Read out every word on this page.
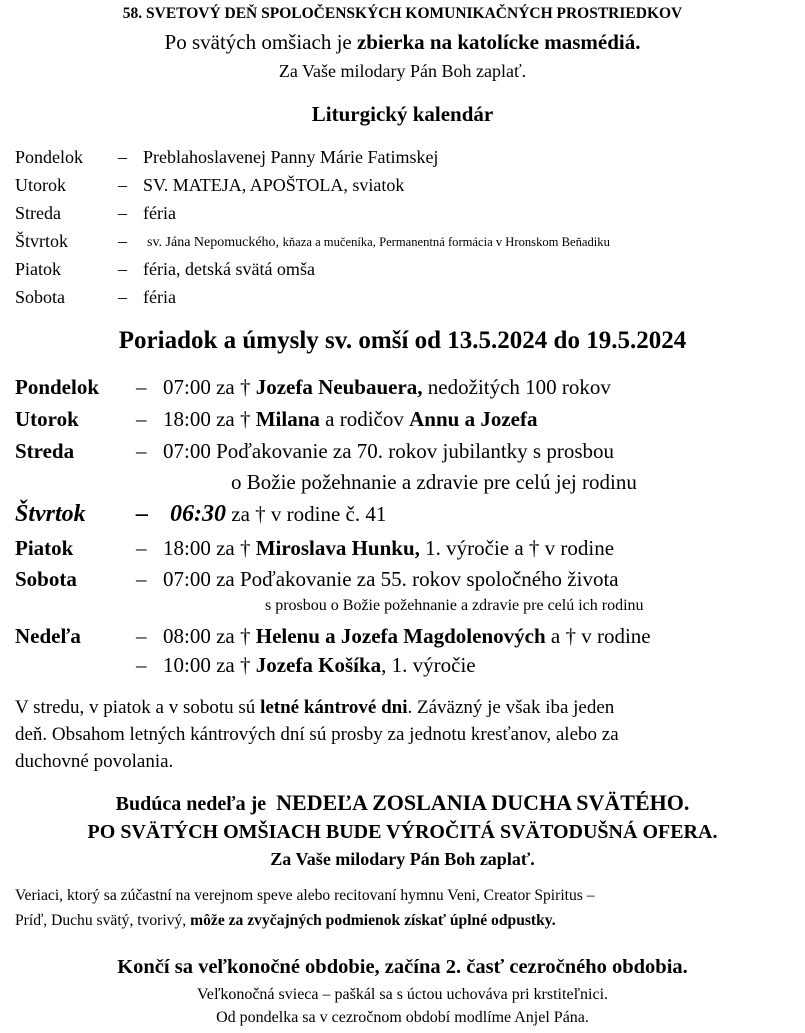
58. SVETOVÝ DEŇ SPOLOČENSKÝCH KOMUNIKAČNÝCH PROSTRIEDKOV
Po svätých omšiach je zbierka na katolícke masmédiá.
Za Vaše milodary Pán Boh zaplať.
Liturgický kalendár
Pondelok – Preblahoslavenej Panny Márie Fatimskej
Utorok	– SV. MATEJA, APOŠTOLA, sviatok
Streda	– féria
Štvrtok	– sv. Jána Nepomuckého, kňaza a mučeníka, Permanentná formácia v Hronskom Beňadiku
Piatok	– féria, detská svätá omša
Sobota	– féria
Poriadok a úmysly sv. omší od 13.5.2024 do 19.5.2024
Pondelok – 07:00 za † Jozefa Neubauera, nedožitých 100 rokov
Utorok	– 18:00 za † Milana a rodičov Annu a Jozefa
Streda	– 07:00 Poďakovanie za 70. rokov jubilantky s prosbou
o Božie požehnanie a zdravie pre celú jej rodinu
Štvrtok – 06:30 za † v rodine č. 41
Piatok	– 18:00 za † Miroslava Hunku, 1. výročie a † v rodine
Sobota	– 07:00 za Poďakovanie za 55. rokov spoločného života
s prosbou o Božie požehnanie a zdravie pre celú ich rodinu
Nedeľa	– 08:00 za † Helenu a Jozefa Magdolenových a † v rodine
– 10:00 za † Jozefa Košíka, 1. výročie
V stredu, v piatok a v sobotu sú letné kántrové dni. Záväzný je však iba jeden
deň. Obsahom letných kántrových dní sú prosby za jednotu kresťanov, alebo za
duchovné povolania.
Budúca nedeľa je NEDEĽA ZOSLANIA DUCHA SVÄTÉHO.
PO SVÄTÝCH OMŠIACH BUDE VÝROČITÁ SVÄTODUŠNÁ OFERA.
Za Vaše milodary Pán Boh zaplať.
Veriaci, ktorý sa zúčastní na verejnom speve alebo recitovaní hymnu Veni, Creator Spiritus –
Príď, Duchu svätý, tvorivý, môže za zvyčajných podmienok získať úplné odpustky.
Končí sa veľkonočné obdobie, začína 2. časť cezročného obdobia.
Veľkonočná svieca – paškál sa s úctou uchováva pri krstiteľnici.
Od pondelka sa v cezročnom období modlíme Anjel Pána.
